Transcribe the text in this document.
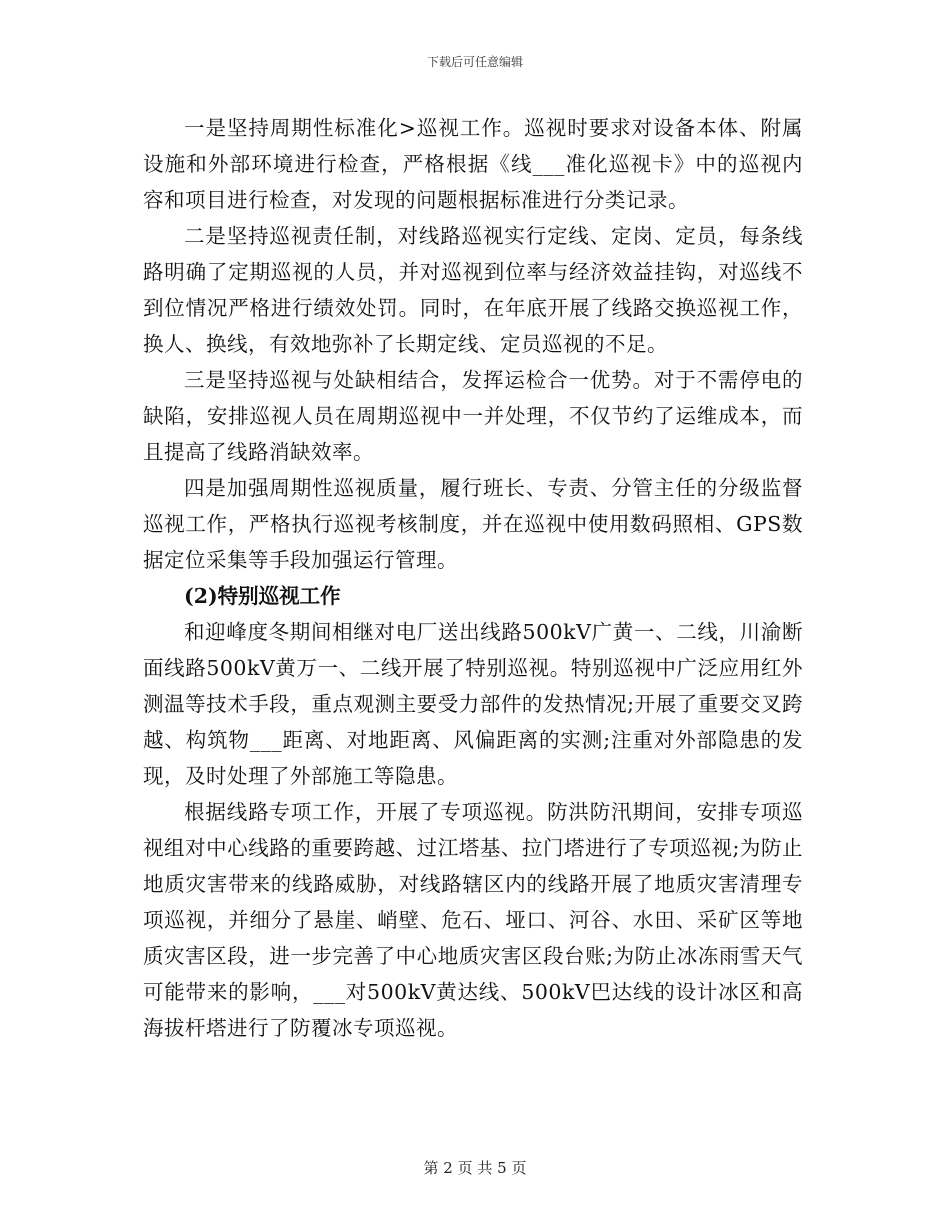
下载后可任意编辑

一是坚持周期性标准化>巡视工作。巡视时要求对设备本体、附属设施和外部环境进行检查，严格根据《线___准化巡视卡》中的巡视内容和项目进行检查，对发现的问题根据标准进行分类记录。

二是坚持巡视责任制，对线路巡视实行定线、定岗、定员，每条线路明确了定期巡视的人员，并对巡视到位率与经济效益挂钩，对巡线不到位情况严格进行绩效处罚。同时，在年底开展了线路交换巡视工作，换人、换线，有效地弥补了长期定线、定员巡视的不足。

三是坚持巡视与处缺相结合，发挥运检合一优势。对于不需停电的缺陷，安排巡视人员在周期巡视中一并处理，不仅节约了运维成本，而且提高了线路消缺效率。

四是加强周期性巡视质量，履行班长、专责、分管主任的分级监督巡视工作，严格执行巡视考核制度，并在巡视中使用数码照相、GPS数据定位采集等手段加强运行管理。

(2)特别巡视工作

和迎峰度冬期间相继对电厂送出线路500kV广黄一、二线，川渝断面线路500kV黄万一、二线开展了特别巡视。特别巡视中广泛应用红外测温等技术手段，重点观测主要受力部件的发热情况;开展了重要交叉跨越、构筑物___距离、对地距离、风偏距离的实测;注重对外部隐患的发现，及时处理了外部施工等隐患。

根据线路专项工作，开展了专项巡视。防洪防汛期间，安排专项巡视组对中心线路的重要跨越、过江塔基、拉门塔进行了专项巡视;为防止地质灾害带来的线路威胁，对线路辖区内的线路开展了地质灾害清理专项巡视，并细分了悬崖、峭壁、危石、垭口、河谷、水田、采矿区等地质灾害区段，进一步完善了中心地质灾害区段台账;为防止冰冻雨雪天气可能带来的影响，___对500kV黄达线、500kV巴达线的设计冰区和高海拔杆塔进行了防覆冰专项巡视。

第 2 页 共 5 页
